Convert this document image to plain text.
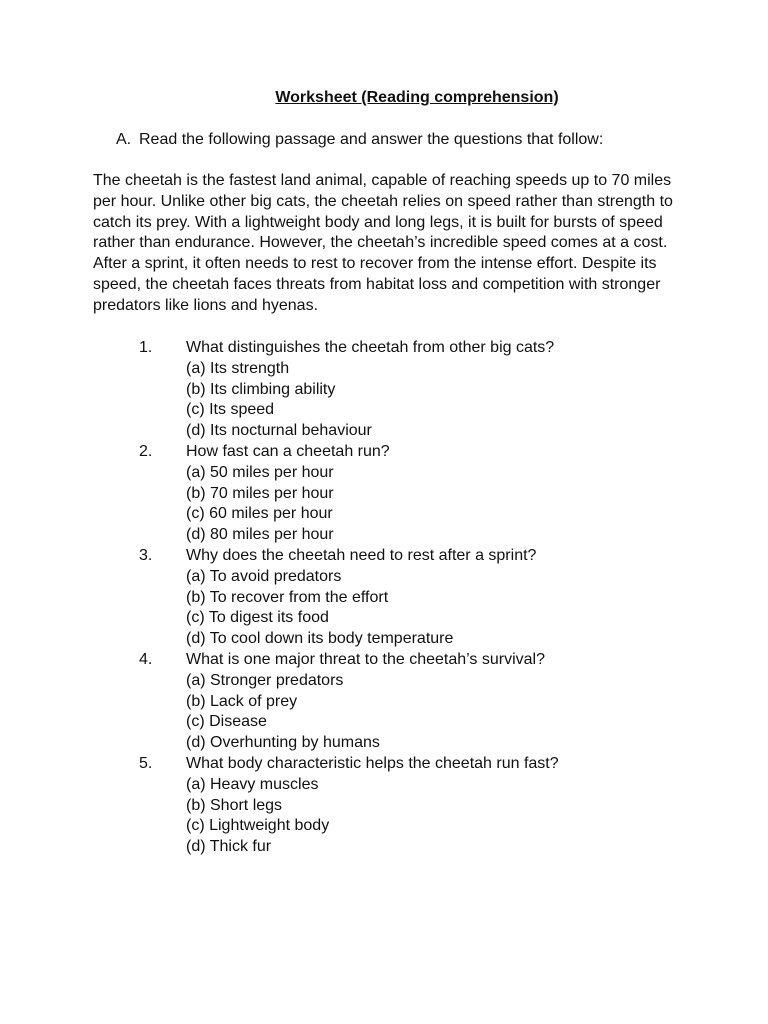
Worksheet (Reading comprehension)

A. Read the following passage and answer the questions that follow:

The cheetah is the fastest land animal, capable of reaching speeds up to 70 miles per hour. Unlike other big cats, the cheetah relies on speed rather than strength to catch its prey. With a lightweight body and long legs, it is built for bursts of speed rather than endurance. However, the cheetah’s incredible speed comes at a cost. After a sprint, it often needs to rest to recover from the intense effort. Despite its speed, the cheetah faces threats from habitat loss and competition with stronger predators like lions and hyenas.

1. What distinguishes the cheetah from other big cats?
(a) Its strength
(b) Its climbing ability
(c) Its speed
(d) Its nocturnal behaviour
2. How fast can a cheetah run?
(a) 50 miles per hour
(b) 70 miles per hour
(c) 60 miles per hour
(d) 80 miles per hour
3. Why does the cheetah need to rest after a sprint?
(a) To avoid predators
(b) To recover from the effort
(c) To digest its food
(d) To cool down its body temperature
4. What is one major threat to the cheetah’s survival?
(a) Stronger predators
(b) Lack of prey
(c) Disease
(d) Overhunting by humans
5. What body characteristic helps the cheetah run fast?
(a) Heavy muscles
(b) Short legs
(c) Lightweight body
(d) Thick fur
